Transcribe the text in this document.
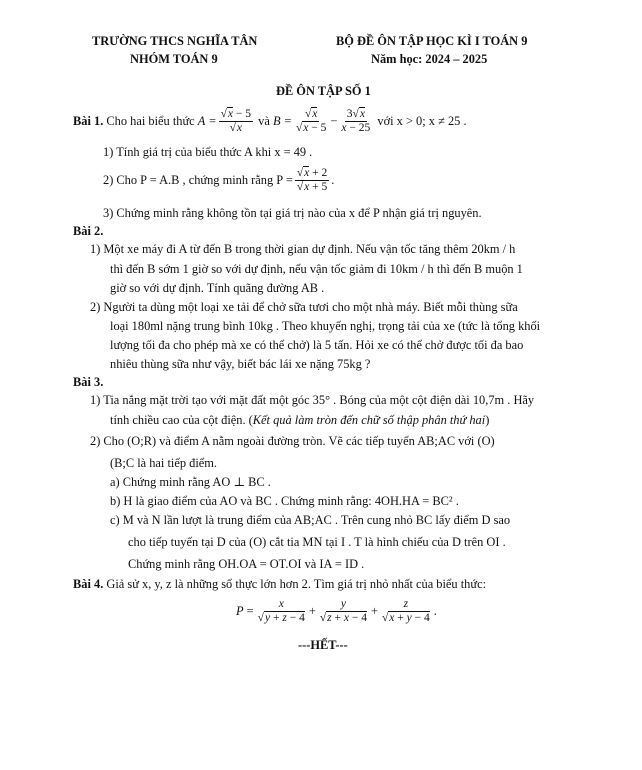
TRƯỜNG THCS NGHĨA TÂN
NHÓM TOÁN 9
BỘ ĐỀ ÔN TẬP HỌC KÌ I TOÁN 9
Năm học: 2024 – 2025
ĐỀ ÔN TẬP SỐ 1
Bài 1.
Cho hai biểu thức
$A = \frac{√x - 5}{√x}$
và
$B = \frac{√x}{√x - 5} - \frac{3√x}{x - 25}$
với x > 0; x ≠ 25 .
1) Tính giá trị của biểu thức A khi x = 49 .
2) Cho P = A.B , chứng minh rằng $P = \frac{√x + 2}{√x + 5}$ .
3) Chứng minh rằng không tồn tại giá trị nào của x để P nhận giá trị nguyên.
Bài 2.
1) Một xe máy đi A từ đến B trong thời gian dự định. Nếu vận tốc tăng thêm 20km / h
thì đến B sớm 1 giờ so với dự định, nếu vận tốc giảm đi 10km / h thì đến B muộn 1
giờ so với dự định. Tính quãng đường AB .
2) Người ta dùng một loại xe tải để chở sữa tươi cho một nhà máy. Biết mỗi thùng sữa
loại 180ml nặng trung bình 10kg . Theo khuyến nghị, trọng tải của xe (tức là tổng khối
lượng tối đa cho phép mà xe có thể chở) là 5 tấn. Hỏi xe có thể chở được tối đa bao
nhiêu thùng sữa như vậy, biết bác lái xe nặng 75kg ?
Bài 3.
1) Tia nắng mặt trời tạo với mặt đất một góc 35° . Bóng của một cột điện dài 10,7m . Hãy
tính chiều cao của cột điện. (Kết quả làm tròn đến chữ số thập phân thứ hai)
2) Cho (O;R) và điểm A nằm ngoài đường tròn. Vẽ các tiếp tuyến AB;AC với (O)
(B;C là hai tiếp điểm.
a) Chứng minh rằng AO ⊥ BC .
b) H là giao điểm của AO và BC . Chứng minh rằng: 4OH.HA = BC² .
c) M và N lần lượt là trung điểm của AB;AC . Trên cung nhỏ BC lấy điểm D sao
cho tiếp tuyến tại D của (O) cắt tia MN tại I . T là hình chiếu của D trên OI .
Chứng minh rằng OH.OA = OT.OI và IA = ID .
Bài 4. Giả sử x, y, z là những số thực lớn hơn 2. Tìm giá trị nhỏ nhất của biểu thức:
$P = \frac{x}{√y + z - 4} + \frac{y}{√z + x - 4} + \frac{z}{√x + y - 4}$ .
---HẾT---
